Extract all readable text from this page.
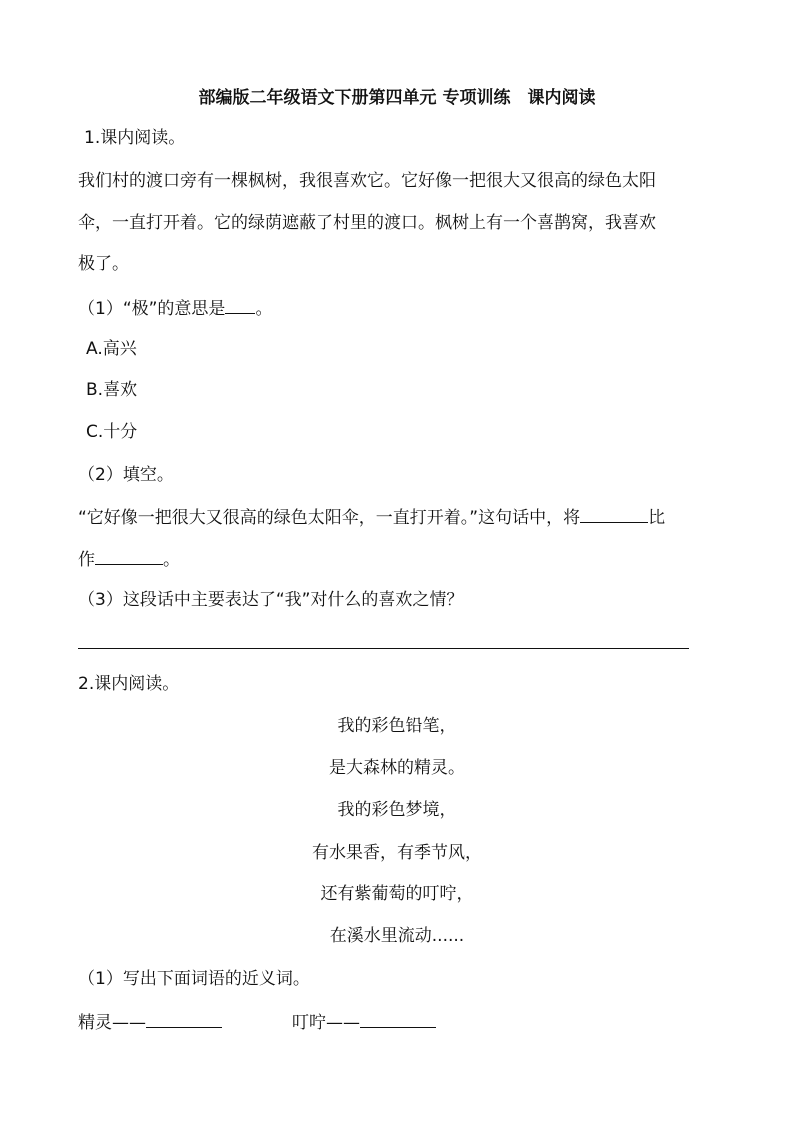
部编版二年级语文下册第四单元 专项训练　课内阅读
1.课内阅读。
我们村的渡口旁有一棵枫树，我很喜欢它。它好像一把很大又很高的绿色太阳
伞，一直打开着。它的绿荫遮蔽了村里的渡口。枫树上有一个喜鹊窝，我喜欢
极了。
（1）“极”的意思是 。
A.高兴
B.喜欢
C.十分
（2）填空。
“它好像一把很大又很高的绿色太阳伞，一直打开着。”这句话中，将	比
作	。
（3）这段话中主要表达了“我”对什么的喜欢之情？
2.课内阅读。
我的彩色铅笔，
是大森林的精灵。
我的彩色梦境，
有水果香，有季节风，
还有紫葡萄的叮咛，
在溪水里流动......
（1）写出下面词语的近义词。
精灵——	叮咛——
